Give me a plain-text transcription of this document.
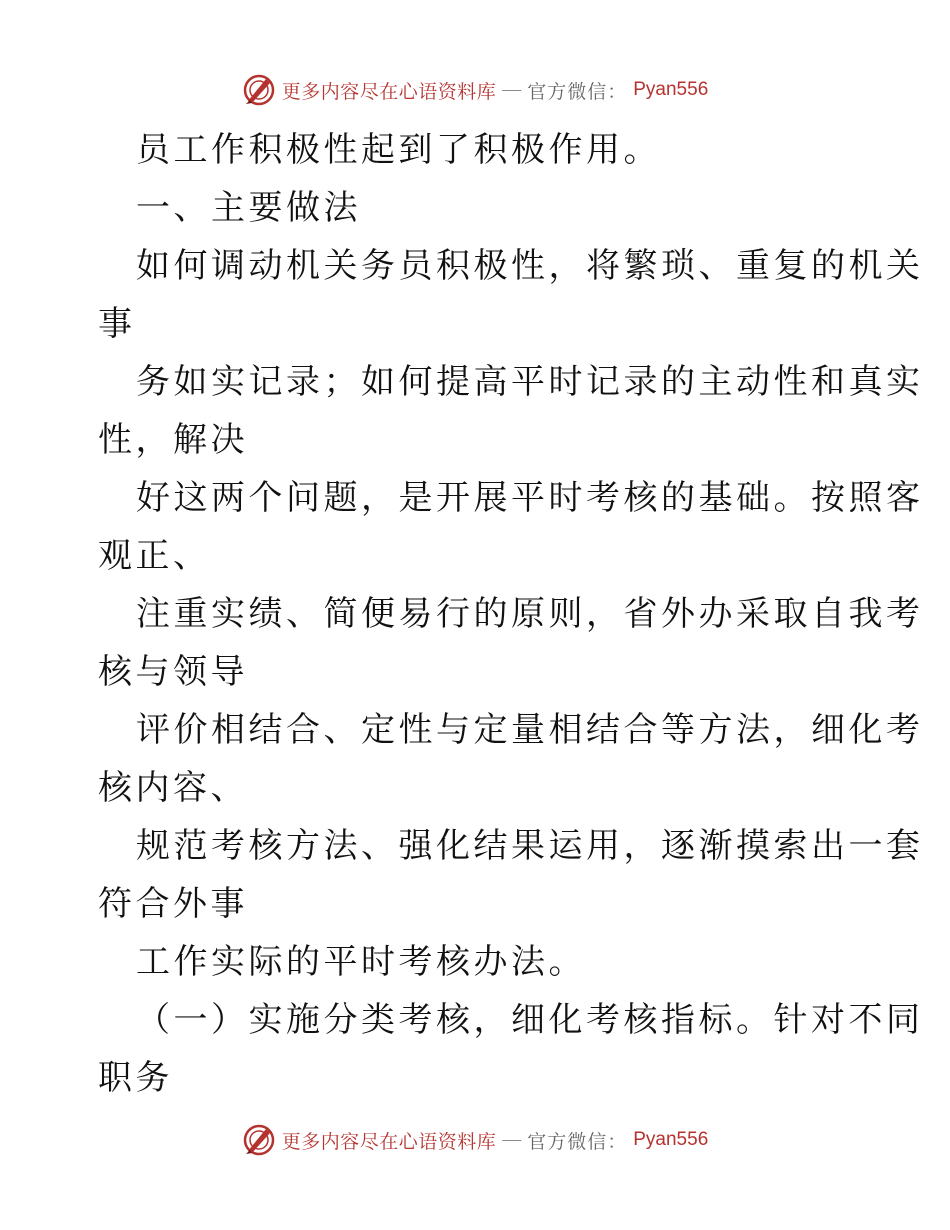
更多内容尽在心语资料库 — 官方微信： Pyan556
员工作积极性起到了积极作用。
一、主要做法
如何调动机关务员积极性，将繁琐、重复的机关
事
务如实记录；如何提高平时记录的主动性和真实
性，解决
好这两个问题，是开展平时考核的基础。按照客
观正、
注重实绩、简便易行的原则，省外办采取自我考
核与领导
评价相结合、定性与定量相结合等方法，细化考
核内容、
规范考核方法、强化结果运用，逐渐摸索出一套
符合外事
工作实际的平时考核办法。
（一）实施分类考核，细化考核指标。针对不同
职务
更多内容尽在心语资料库 — 官方微信： Pyan556
